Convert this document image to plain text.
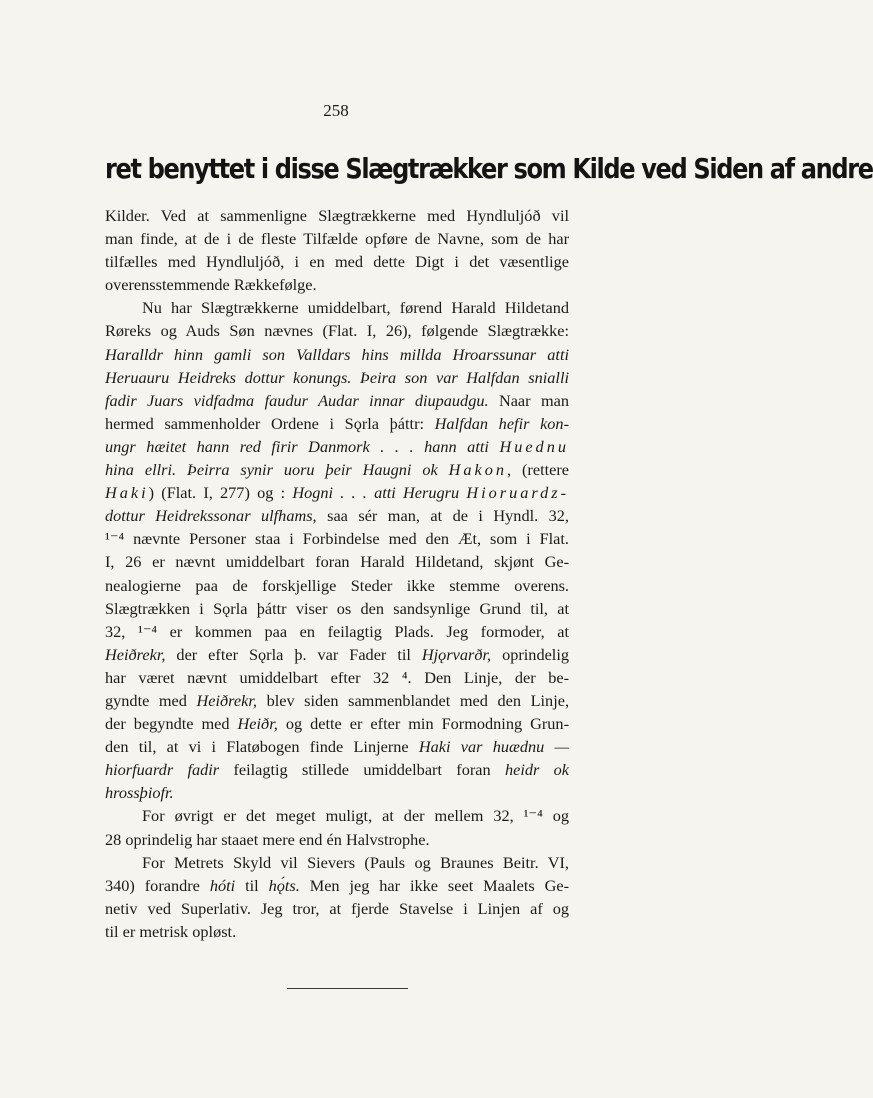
258
ret benyttet i disse Slægtrækker som Kilde ved Siden af andre

Kilder. Ved at sammenligne Slægtrækkerne med Hyndluljóð vil
man finde, at de i de fleste Tilfælde opføre de Navne, som de har
tilfælles med Hyndluljóð, i en med dette Digt i det væsentlige
overensstemmende Rækkefølge.

Nu har Slægtrækkerne umiddelbart, førend Harald Hildetand
Røreks og Auds Søn nævnes (Flat. I, 26), følgende Slægtrække:
Haralldr hinn gamli son Valldars hins millda Hroarssunar atti
Heruauru Heidreks dottur konungs. Þeira son var Halfdan snialli
fadir Juars vidfadma faudur Audar innar diupaudgu. Naar man
hermed sammenholder Ordene i Sǫrla þáttr: Halfdan hefir kon-
ungr hæitet hann red firir Danmork . . . hann atti Huednu
hina ellri. Þeirra synir uoru þeir Haugni ok Hakon, (rettere
Haki) (Flat. I, 277) og : Hogni . . . atti Herugru Hioruardz-
dottur Heidrekssonar ulfhams, saa sér man, at de i Hyndl. 32,
¹⁻⁴ nævnte Personer staa i Forbindelse med den Æt, som i Flat.
I, 26 er nævnt umiddelbart foran Harald Hildetand, skjønt Ge-
nealogierne paa de forskjellige Steder ikke stemme overens.
Slægtrækken i Sǫrla þáttr viser os den sandsynlige Grund til, at
32, ¹⁻⁴ er kommen paa en feilagtig Plads. Jeg formoder, at
Heiðrekr, der efter Sǫrla þ. var Fader til Hjǫrvarðr, oprindelig
har været nævnt umiddelbart efter 32 ⁴. Den Linje, der be-
gyndte med Heiðrekr, blev siden sammenblandet med den Linje,
der begyndte med Heiðr, og dette er efter min Formodning Grun-
den til, at vi i Flatøbogen finde Linjerne Haki var huædnu —
hiorfuardr fadir feilagtig stillede umiddelbart foran heidr ok
hrossþiofr.

For øvrigt er det meget muligt, at der mellem 32, ¹⁻⁴ og
28 oprindelig har staaet mere end én Halvstrophe.

For Metrets Skyld vil Sievers (Pauls og Braunes Beitr. VI,
340) forandre hóti til hǫ́ts. Men jeg har ikke seet Maalets Ge-
netiv ved Superlativ. Jeg tror, at fjerde Stavelse i Linjen af og
til er metrisk opløst.
